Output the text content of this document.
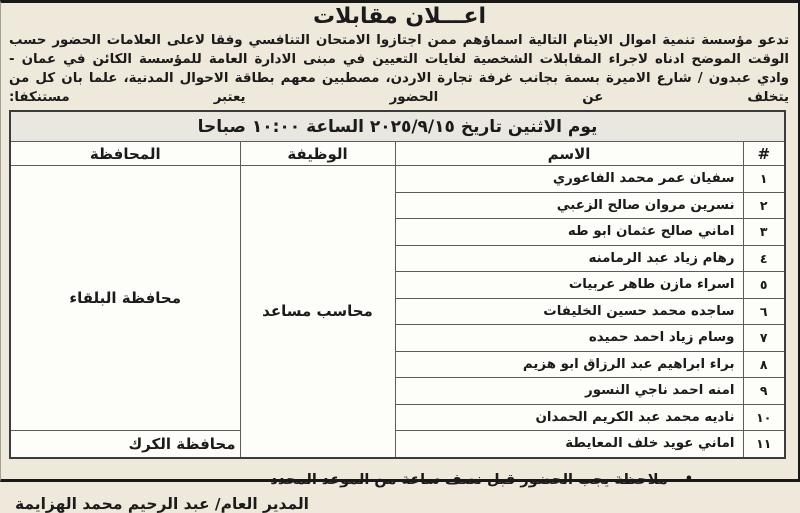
اعـــلان مقابلات

تدعو مؤسسة تنمية اموال الايتام التالية اسماؤهم ممن اجتازوا الامتحان التنافسي وفقا لاعلى العلامات الحضور حسب الوقت الموضح ادناه لاجراء المقابلات الشخصية لغايات التعيين في مبنى الادارة العامة للمؤسسة الكائن في عمان - وادي عبدون / شارع الاميرة بسمة بجانب غرفة تجارة الاردن، مصطبين معهم بطاقة الاحوال المدنية، علما بان كل من يتخلف عن الحضور يعتبر مستنكفا:

يوم الاثنين تاريخ ٢٠٢٥/٩/١٥ الساعة ١٠:٠٠ صباحا			
#	الاسم	الوظيفة	المحافظة
١	سفيان عمر محمد الفاعوري	محاسب مساعد	محافظة البلقاء
٢	نسرين مروان صالح الزعبي		
٣	اماني صالح عثمان ابو طه		
٤	رهام زياد عبد الرمامنه		
٥	اسراء مازن طاهر عربيات		
٦	ساجده محمد حسين الخليفات		
٧	وسام زياد احمد حميده		
٨	براء ابراهيم عبد الرزاق ابو هزيم		
٩	امنه احمد ناجي النسور		
١٠	ناديه محمد عبد الكريم الحمدان		
١١	اماني عويد خلف المعايطة		محافظة الكرك
•
ملاحظة يجب الحضور قبل نصف ساعة من الموعد المحدد
المدير العام/ عبد الرحيم محمد الهزايمة
